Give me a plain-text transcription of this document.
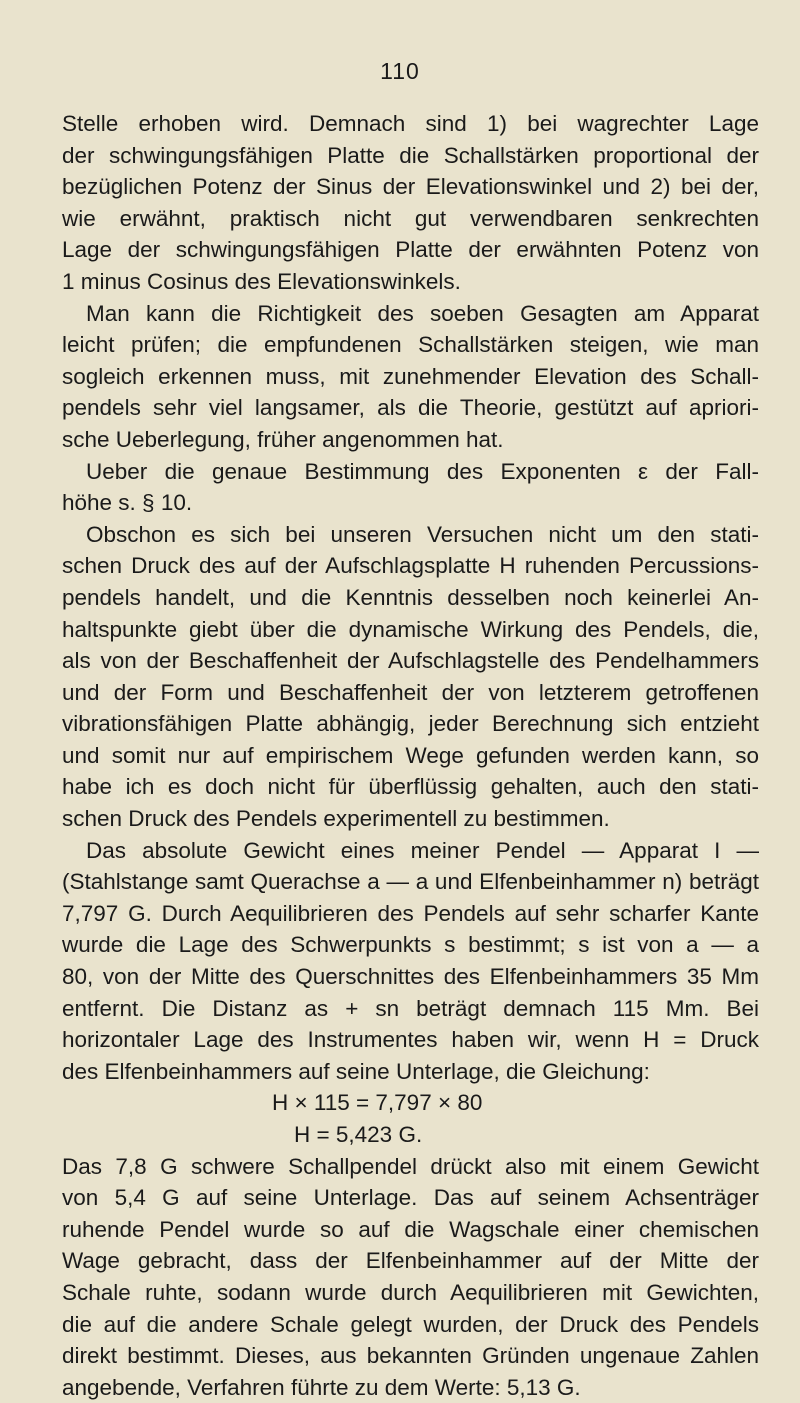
110
Stelle erhoben wird. Demnach sind 1) bei wagrechter Lage
der schwingungsfähigen Platte die Schallstärken proportional der
bezüglichen Potenz der Sinus der Elevationswinkel und 2) bei der,
wie erwähnt, praktisch nicht gut verwendbaren senkrechten
Lage der schwingungsfähigen Platte der erwähnten Potenz von
1 minus Cosinus des Elevationswinkels.
Man kann die Richtigkeit des soeben Gesagten am Apparat
leicht prüfen; die empfundenen Schallstärken steigen, wie man
sogleich erkennen muss, mit zunehmender Elevation des Schall-
pendels sehr viel langsamer, als die Theorie, gestützt auf apriori-
sche Ueberlegung, früher angenommen hat.
Ueber die genaue Bestimmung des Exponenten ε der Fall-
höhe s. § 10.
Obschon es sich bei unseren Versuchen nicht um den stati-
schen Druck des auf der Aufschlagsplatte H ruhenden Percussions-
pendels handelt, und die Kenntnis desselben noch keinerlei An-
haltspunkte giebt über die dynamische Wirkung des Pendels, die,
als von der Beschaffenheit der Aufschlagstelle des Pendelhammers
und der Form und Beschaffenheit der von letzterem getroffenen
vibrationsfähigen Platte abhängig, jeder Berechnung sich entzieht
und somit nur auf empirischem Wege gefunden werden kann, so
habe ich es doch nicht für überflüssig gehalten, auch den stati-
schen Druck des Pendels experimentell zu bestimmen.
Das absolute Gewicht eines meiner Pendel — Apparat I —
(Stahlstange samt Querachse a — a und Elfenbeinhammer n) beträgt
7,797 G. Durch Aequilibrieren des Pendels auf sehr scharfer Kante
wurde die Lage des Schwerpunkts s bestimmt; s ist von a — a
80, von der Mitte des Querschnittes des Elfenbeinhammers 35 Mm
entfernt. Die Distanz as + sn beträgt demnach 115 Mm. Bei
horizontaler Lage des Instrumentes haben wir, wenn H = Druck
des Elfenbeinhammers auf seine Unterlage, die Gleichung:
H × 115 = 7,797 × 80
H = 5,423 G.
Das 7,8 G schwere Schallpendel drückt also mit einem Gewicht
von 5,4 G auf seine Unterlage. Das auf seinem Achsenträger
ruhende Pendel wurde so auf die Wagschale einer chemischen
Wage gebracht, dass der Elfenbeinhammer auf der Mitte der
Schale ruhte, sodann wurde durch Aequilibrieren mit Gewichten,
die auf die andere Schale gelegt wurden, der Druck des Pendels
direkt bestimmt. Dieses, aus bekannten Gründen ungenaue Zahlen
angebende, Verfahren führte zu dem Werte: 5,13 G.
